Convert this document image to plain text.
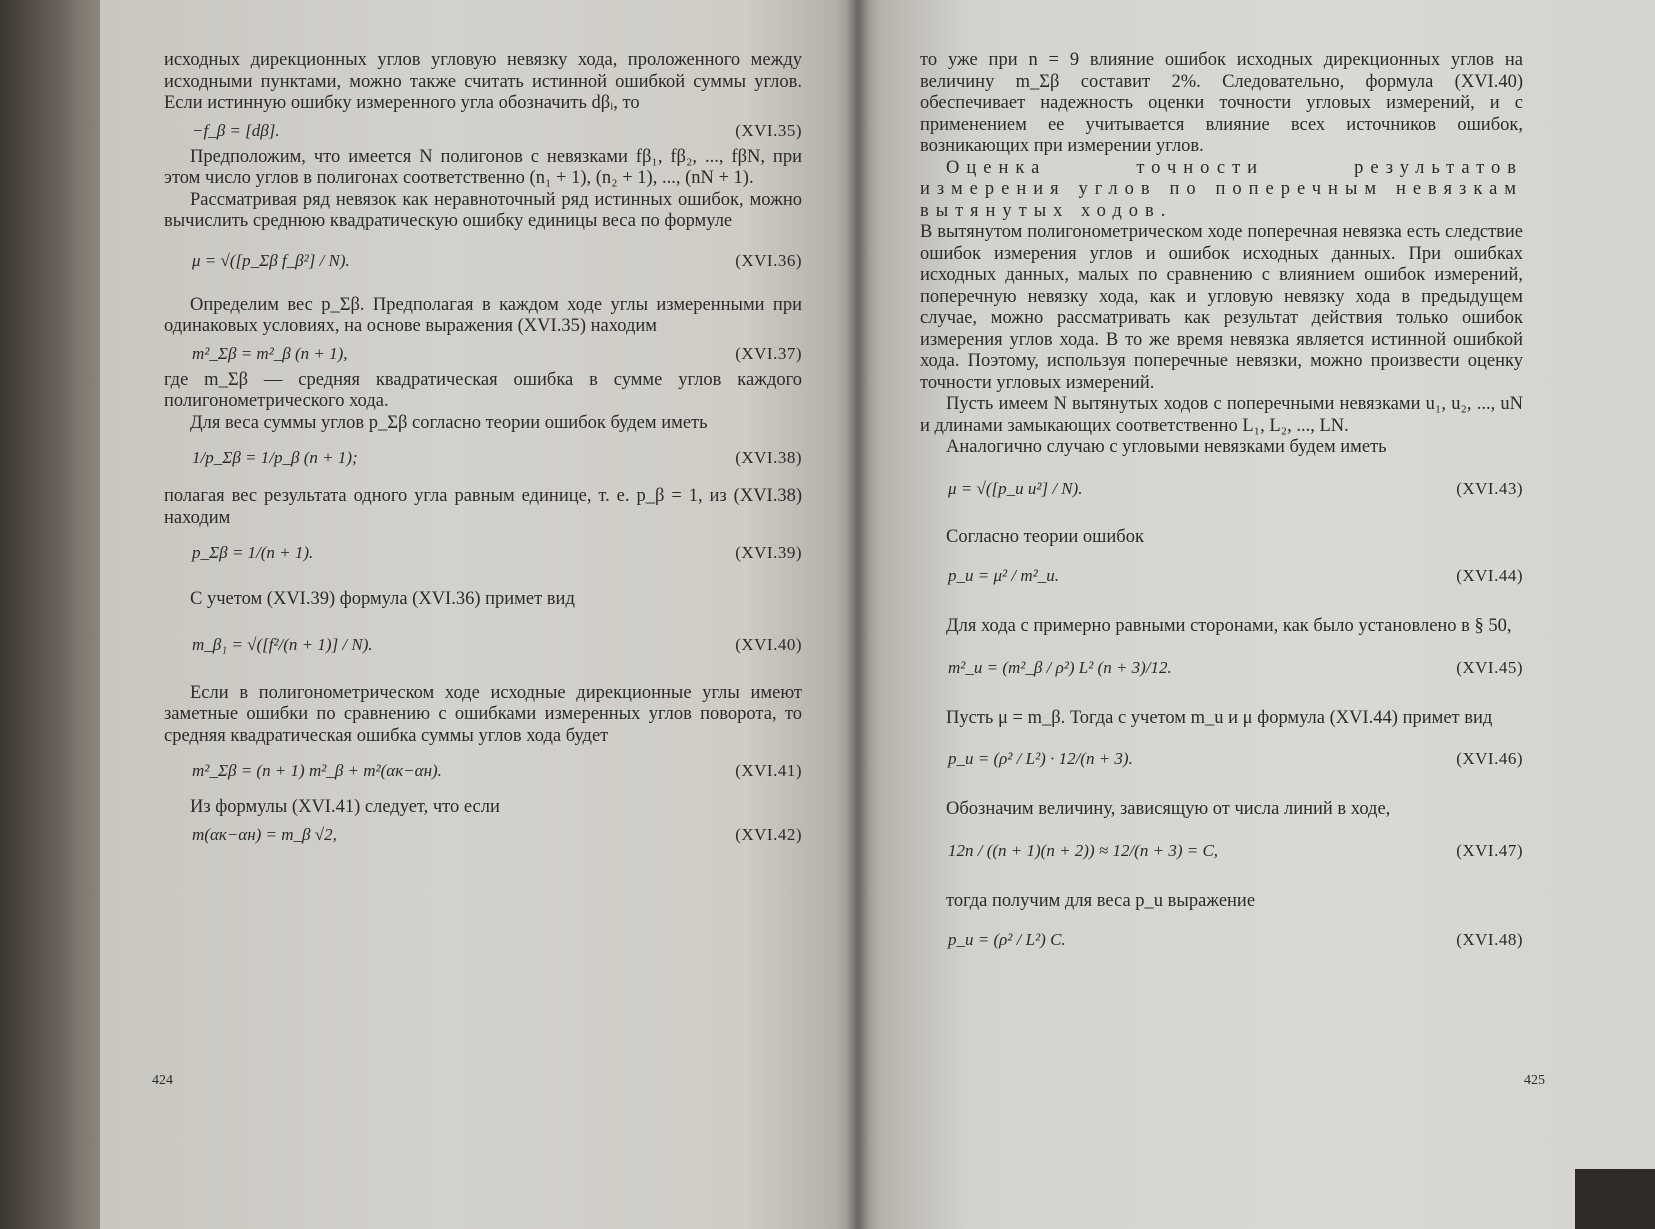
исходных дирекционных углов угловую невязку хода, проложенного между исходными пунктами, можно также считать истинной ошибкой суммы углов. Если истинную ошибку измеренного угла обозначить dβᵢ, то

−f_β = [dβ].	(XVI.35)

Предположим, что имеется N полигонов с невязками fβ₁, fβ₂, ..., fβN, при этом число углов в полигонах соответственно (n₁ + 1), (n₂ + 1), ..., (nN + 1).

Рассматривая ряд невязок как неравноточный ряд истинных ошибок, можно вычислить среднюю квадратическую ошибку единицы веса по формуле

μ = √([p_Σβ f_β²] / N).	(XVI.36)

Определим вес p_Σβ. Предполагая в каждом ходе углы измеренными при одинаковых условиях, на основе выражения (XVI.35) находим

m²_Σβ = m²_β (n + 1),	(XVI.37)

где m_Σβ — средняя квадратическая ошибка в сумме углов каждого полигонометрического хода.

Для веса суммы углов p_Σβ согласно теории ошибок будем иметь

1/p_Σβ = 1/p_β (n + 1);	(XVI.38)

полагая вес результата одного угла равным единице, т. е. p_β = 1, из (XVI.38) находим

p_Σβ = 1/(n + 1).	(XVI.39)

С учетом (XVI.39) формула (XVI.36) примет вид

m_β₁ = √([f²/(n + 1)] / N).	(XVI.40)

Если в полигонометрическом ходе исходные дирекционные углы имеют заметные ошибки по сравнению с ошибками измеренных углов поворота, то средняя квадратическая ошибка суммы углов хода будет

m²_Σβ = (n + 1) m²_β + m²(αк−αн).	(XVI.41)

Из формулы (XVI.41) следует, что если

m(αк−αн) = m_β √2,	(XVI.42)
424

то уже при n = 9 влияние ошибок исходных дирекционных углов на величину m_Σβ составит 2%. Следовательно, формула (XVI.40) обеспечивает надежность оценки точности угловых измерений, и с применением ее учитывается влияние всех источников ошибок, возникающих при измерении углов.

Оценка точности результатов измерения углов по поперечным невязкам вытянутых ходов.

В вытянутом полигонометрическом ходе поперечная невязка есть следствие ошибок измерения углов и ошибок исходных данных. При ошибках исходных данных, малых по сравнению с влиянием ошибок измерений, поперечную невязку хода, как и угловую невязку хода в предыдущем случае, можно рассматривать как результат действия только ошибок измерения углов хода. В то же время невязка является истинной ошибкой хода. Поэтому, используя поперечные невязки, можно произвести оценку точности угловых измерений.

Пусть имеем N вытянутых ходов с поперечными невязками u₁, u₂, ..., uN и длинами замыкающих соответственно L₁, L₂, ..., LN.

Аналогично случаю с угловыми невязками будем иметь

μ = √([p_u u²] / N).	(XVI.43)

Согласно теории ошибок

p_u = μ² / m²_u.	(XVI.44)

Для хода с примерно равными сторонами, как было установлено в § 50,

m²_u = (m²_β / ρ²) L² (n + 3)/12.	(XVI.45)

Пусть μ = m_β. Тогда с учетом m_u и μ формула (XVI.44) примет вид

p_u = (ρ² / L²) · 12/(n + 3).	(XVI.46)

Обозначим величину, зависящую от числа линий в ходе,

12n / ((n + 1)(n + 2)) ≈ 12/(n + 3) = C,	(XVI.47)

тогда получим для веса p_u выражение

p_u = (ρ² / L²) C.	(XVI.48)
425
